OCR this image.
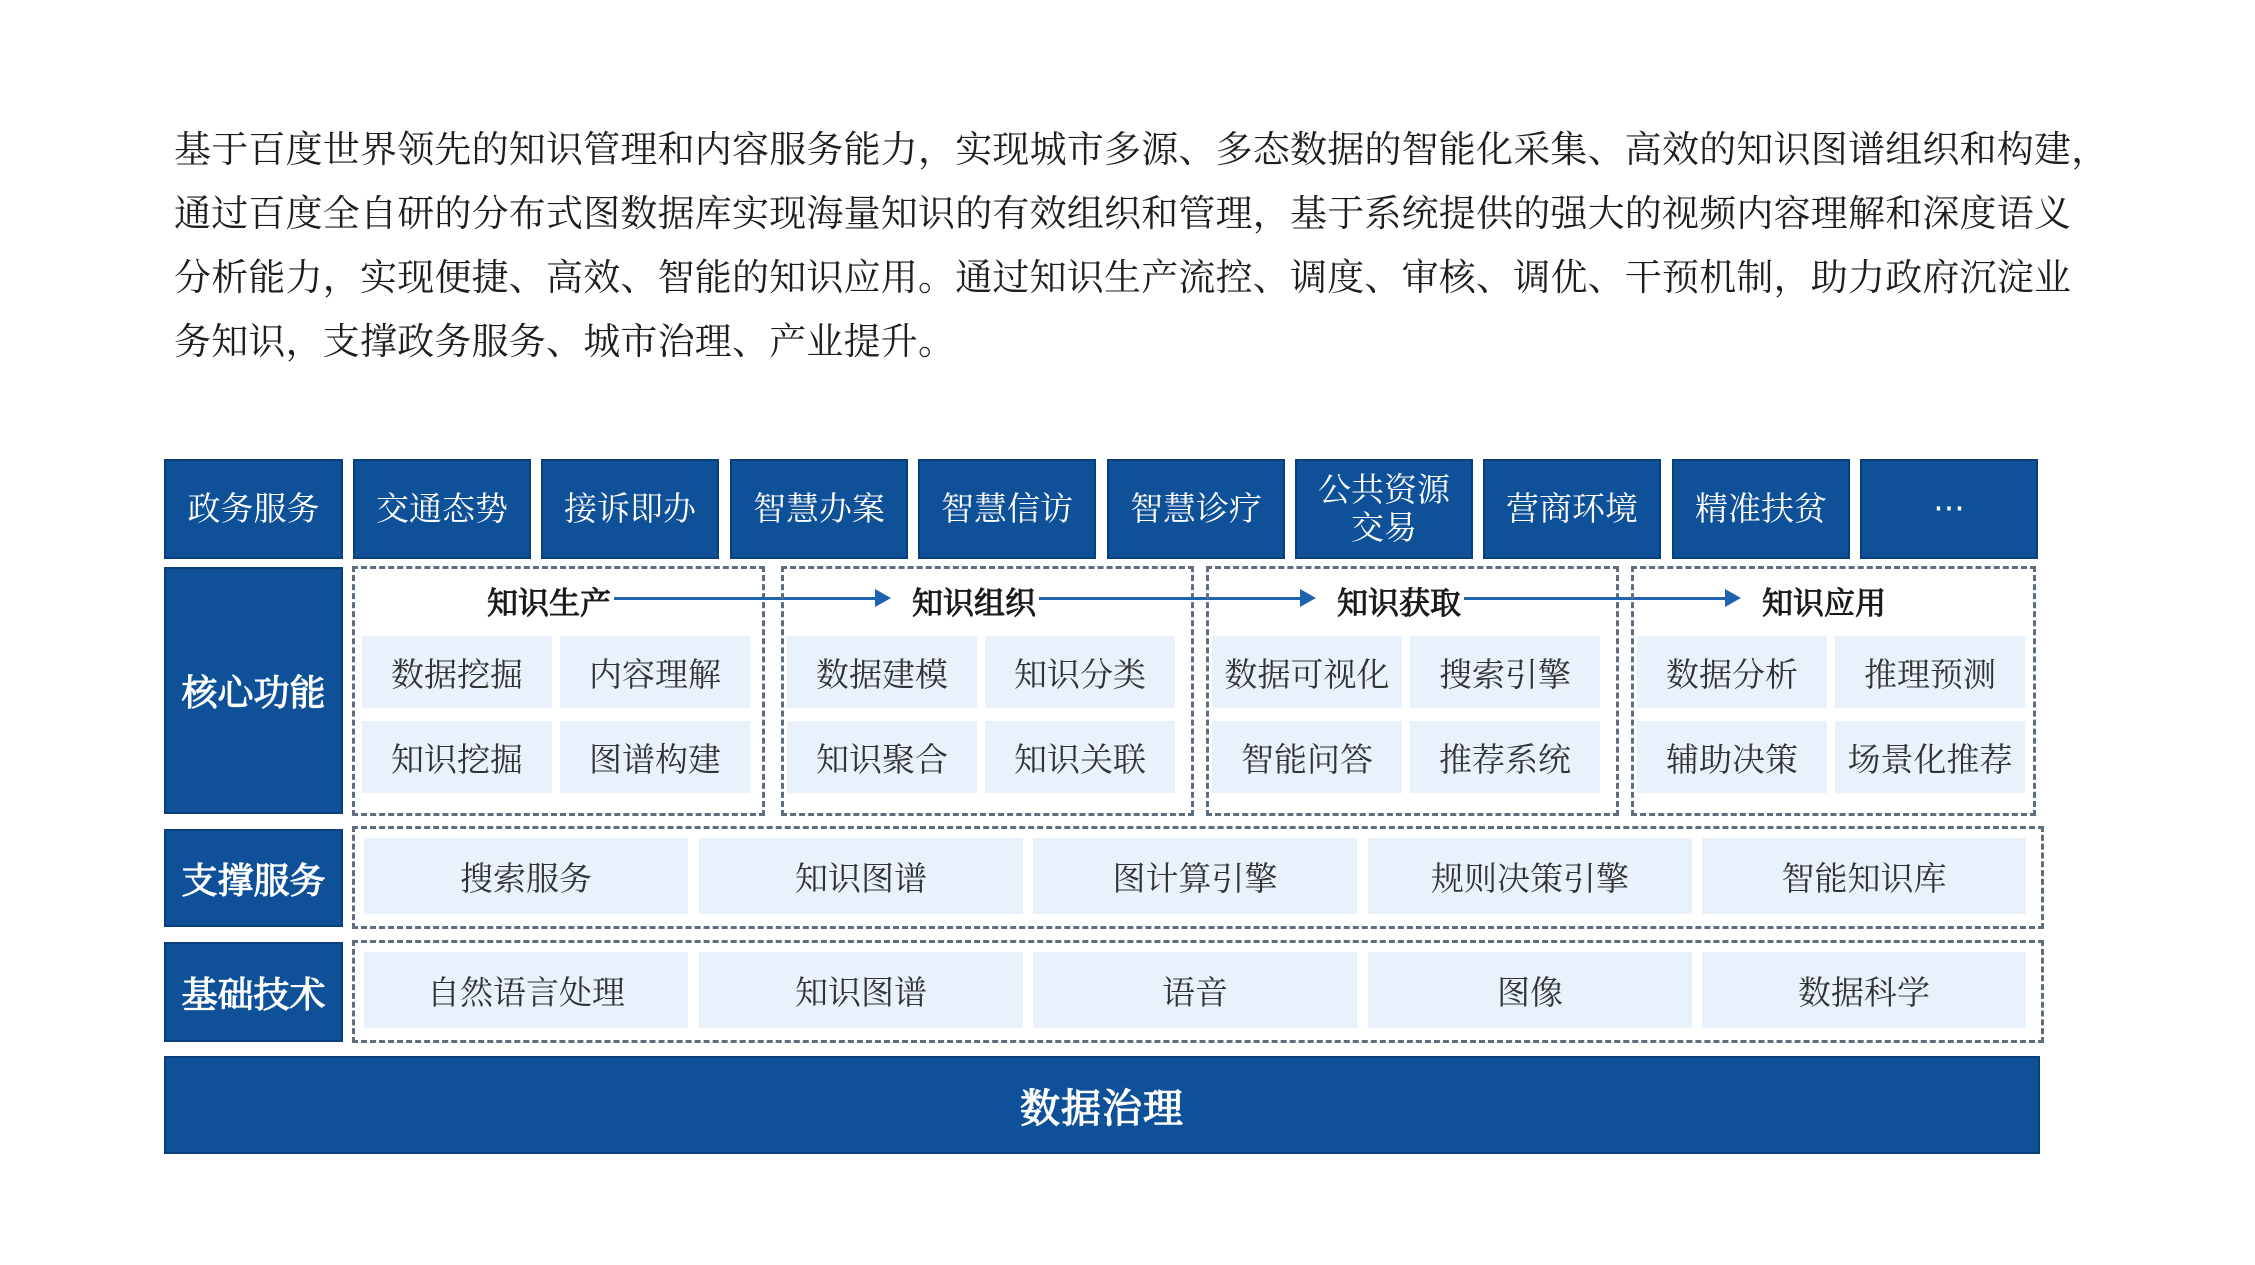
基于百度世界领先的知识管理和内容服务能力，实现城市多源、多态数据的智能化采集、高效的知识图谱组织和构建，

通过百度全自研的分布式图数据库实现海量知识的有效组织和管理，基于系统提供的强大的视频内容理解和深度语义

分析能力，实现便捷、高效、智能的知识应用。通过知识生产流控、调度、审核、调优、干预机制，助力政府沉淀业

务知识，支撑政务服务、城市治理、产业提升。

政务服务	交通态势	接诉即办	智慧办案	智慧信访	智慧诊疗	公共资源
交易	营商环境	精准扶贫	···
核心功能
知识生产
数据挖掘	内容理解
知识挖掘	图谱构建
知识组织
数据建模	知识分类
知识聚合	知识关联
知识获取
数据可视化	搜索引擎
智能问答	推荐系统
知识应用
数据分析	推理预测
辅助决策	场景化推荐
支撑服务	搜索服务	知识图谱	图计算引擎	规则决策引擎	智能知识库
基础技术	自然语言处理	知识图谱	语音	图像	数据科学
数据治理
